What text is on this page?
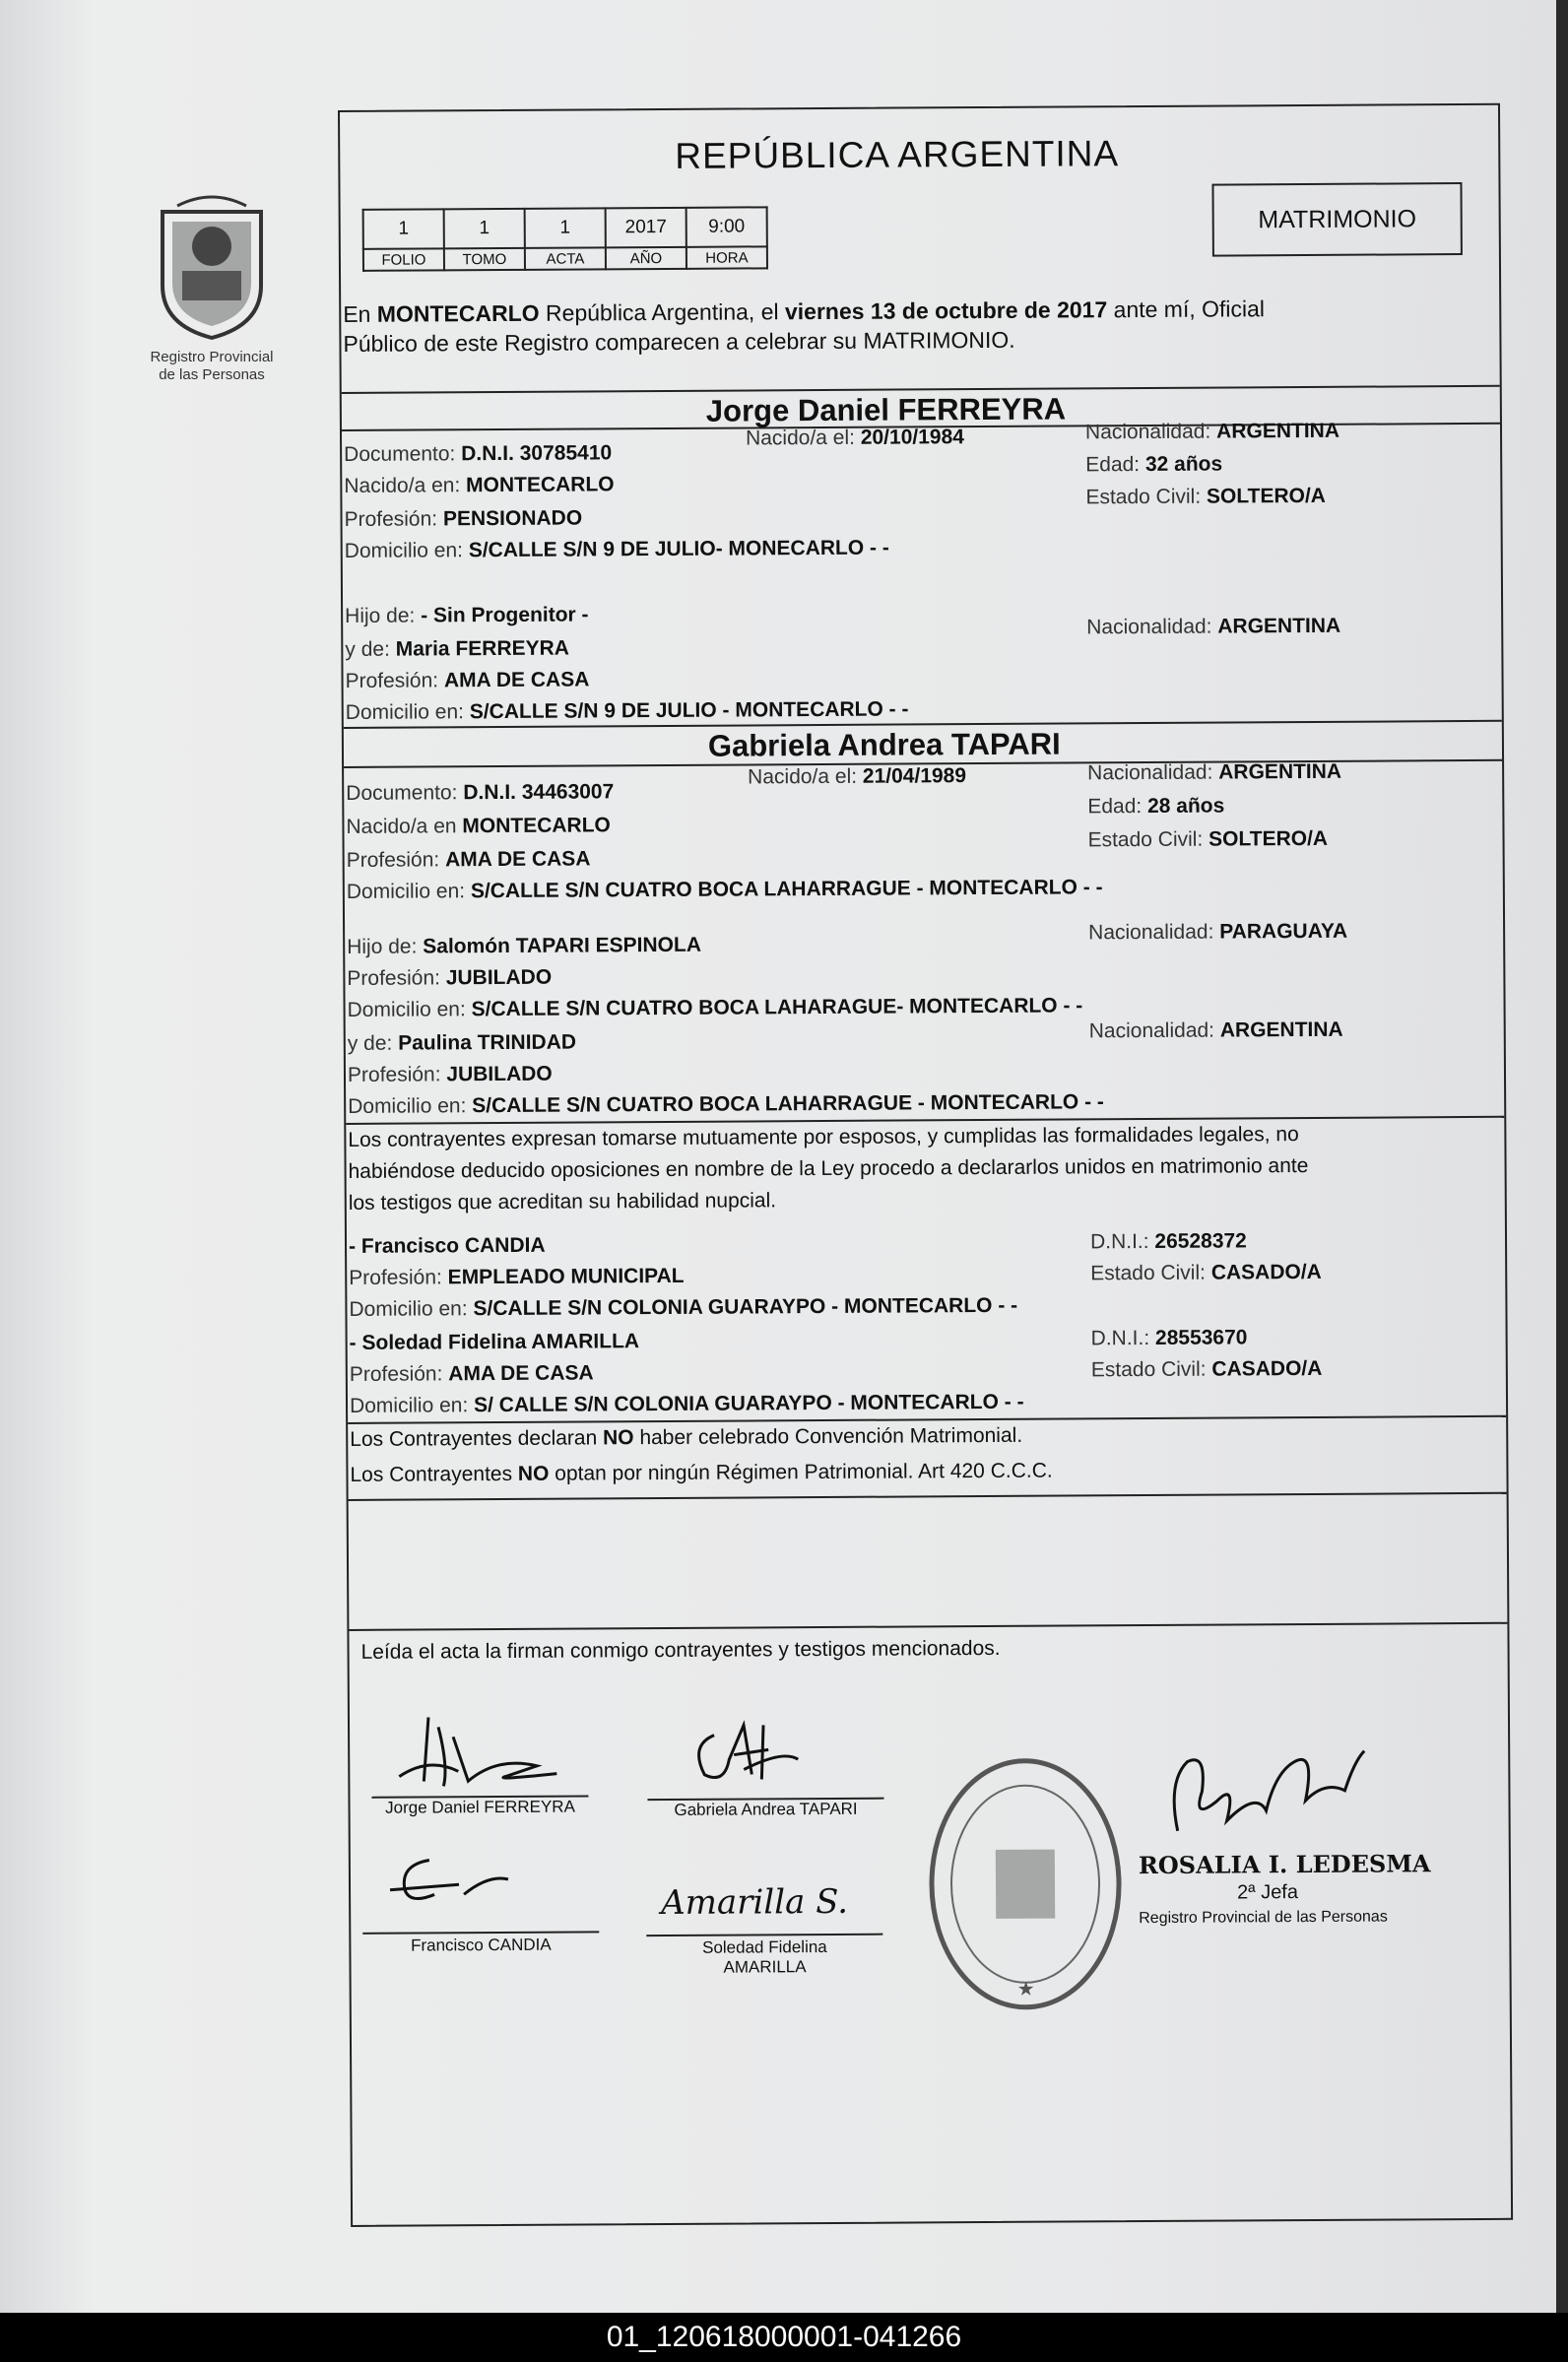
Registro Provincial
de las Personas
REPÚBLICA ARGENTINA
MATRIMONIO
1	1	1	2017	9:00
FOLIO	TOMO	ACTA	AÑO	HORA
En MONTECARLO República Argentina, el viernes 13 de octubre de 2017 ante mí, Oficial
Público de este Registro comparecen a celebrar su MATRIMONIO.
Jorge Daniel FERREYRA
Documento: D.N.I. 30785410
Nacido/a el: 20/10/1984	Nacionalidad: ARGENTINA
Edad: 32 años
Estado Civil: SOLTERO/A
Nacido/a en: MONTECARLO
Profesión: PENSIONADO
Domicilio en: S/CALLE S/N 9 DE JULIO- MONECARLO - -
Hijo de: - Sin Progenitor -
y de: Maria FERREYRA
Nacionalidad: ARGENTINA
Profesión: AMA DE CASA
Domicilio en: S/CALLE S/N 9 DE JULIO - MONTECARLO - -
Gabriela Andrea TAPARI
Documento: D.N.I. 34463007
Nacido/a el: 21/04/1989	Nacionalidad: ARGENTINA
Edad: 28 años
Estado Civil: SOLTERO/A
Nacido/a en MONTECARLO
Profesión: AMA DE CASA
Domicilio en: S/CALLE S/N CUATRO BOCA LAHARRAGUE - MONTECARLO - -
Hijo de: Salomón TAPARI ESPINOLA
Nacionalidad: PARAGUAYA
Profesión: JUBILADO
Domicilio en: S/CALLE S/N CUATRO BOCA LAHARAGUE- MONTECARLO - -
y de: Paulina TRINIDAD
Nacionalidad: ARGENTINA
Profesión: JUBILADO
Domicilio en: S/CALLE S/N CUATRO BOCA LAHARRAGUE - MONTECARLO - -
Los contrayentes expresan tomarse mutuamente por esposos, y cumplidas las formalidades legales, no
habiéndose deducido oposiciones en nombre de la Ley procedo a declararlos unidos en matrimonio ante
los testigos que acreditan su habilidad nupcial.
- Francisco CANDIA	D.N.I.: 26528372
Profesión: EMPLEADO MUNICIPAL	Estado Civil: CASADO/A
Domicilio en: S/CALLE S/N COLONIA GUARAYPO - MONTECARLO - -
- Soledad Fidelina AMARILLA	D.N.I.: 28553670
Profesión: AMA DE CASA	Estado Civil: CASADO/A
Domicilio en: S/ CALLE S/N COLONIA GUARAYPO - MONTECARLO - -
Los Contrayentes declaran NO haber celebrado Convención Matrimonial.
Los Contrayentes NO optan por ningún Régimen Patrimonial. Art 420 C.C.C.
Leída el acta la firman conmigo contrayentes y testigos mencionados.
Jorge Daniel FERREYRA	Gabriela Andrea TAPARI
Francisco CANDIA
Amarilla S.
Soledad Fidelina
AMARILLA
★
ROSALIA I. LEDESMA
2ª Jefa
Registro Provincial de las Personas
01_120618000001-041266
